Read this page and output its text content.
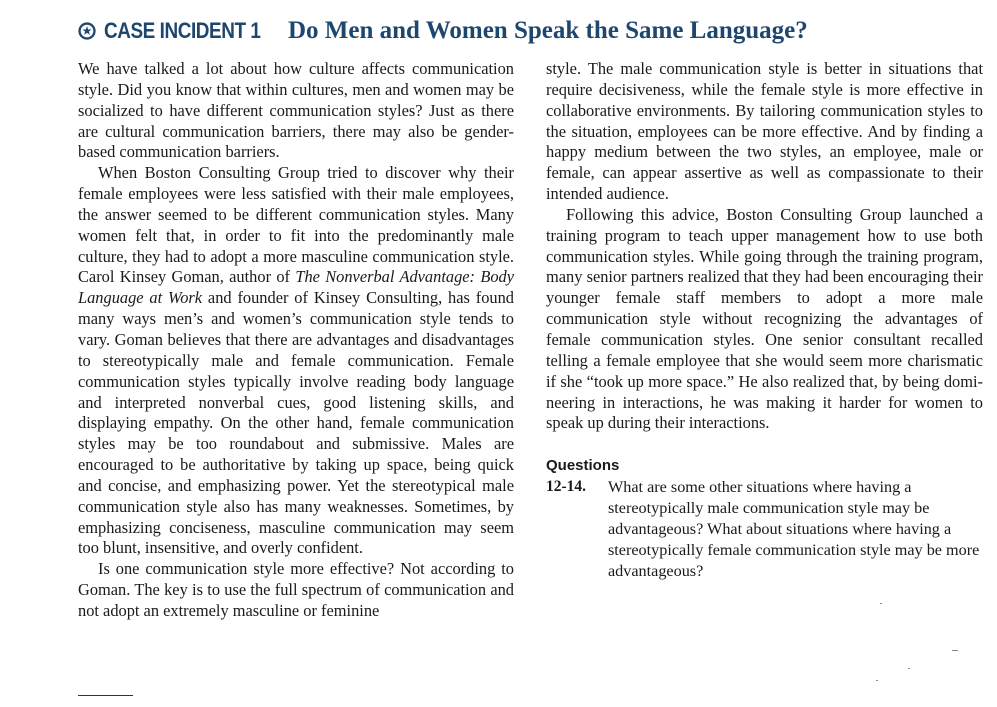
CASE INCIDENT 1 Do Men and Women Speak the Same Language?

We have talked a lot about how culture affects communication style. Did you know that within cultures, men and women may be socialized to have different communication styles? Just as there are cultural communication barriers, there may also be gender-based communication barriers.

When Boston Consulting Group tried to discover why their female employees were less satisfied with their male employees, the answer seemed to be different communication styles. Many women felt that, in order to fit into the predominantly male culture, they had to adopt a more masculine communication style. Carol Kinsey Goman, author of The Nonverbal Advantage: Body Language at Work and founder of Kinsey Consulting, has found many ways men’s and women’s communication style tends to vary. Goman believes that there are advantages and disadvantages to stereotypically male and female communication. Female communication styles typically involve reading body language and interpreted nonverbal cues, good listening skills, and displaying empathy. On the other hand, female communication styles may be too roundabout and submissive. Males are encouraged to be authoritative by taking up space, being quick and concise, and emphasizing power. Yet the stereotypical male communication style also has many weaknesses. Sometimes, by emphasizing conciseness, masculine communication may seem too blunt, insensitive, and overly confident.

Is one communication style more effective? Not according to Goman. The key is to use the full spectrum of communication and not adopt an extremely masculine or feminine

style. The male communication style is better in situations that require decisiveness, while the female style is more effective in collaborative environments. By tailoring communication styles to the situation, employees can be more effective. And by finding a happy medium between the two styles, an employee, male or female, can appear assertive as well as compassionate to their intended audience.

Following this advice, Boston Consulting Group launched a training program to teach upper management how to use both communication styles. While going through the training program, many senior partners realized that they had been encouraging their younger female staff members to adopt a more male communication style without recognizing the advantages of female communication styles. One senior consultant recalled telling a female employee that she would seem more charismatic if she “took up more space.” He also realized that, by being domineering in interactions, he was making it harder for women to speak up during their interactions.

Questions
12-14.	What are some other situations where having a stereotypically male communication style may be advantageous? What about situations where having a stereotypically female communication style may be more advantageous?
